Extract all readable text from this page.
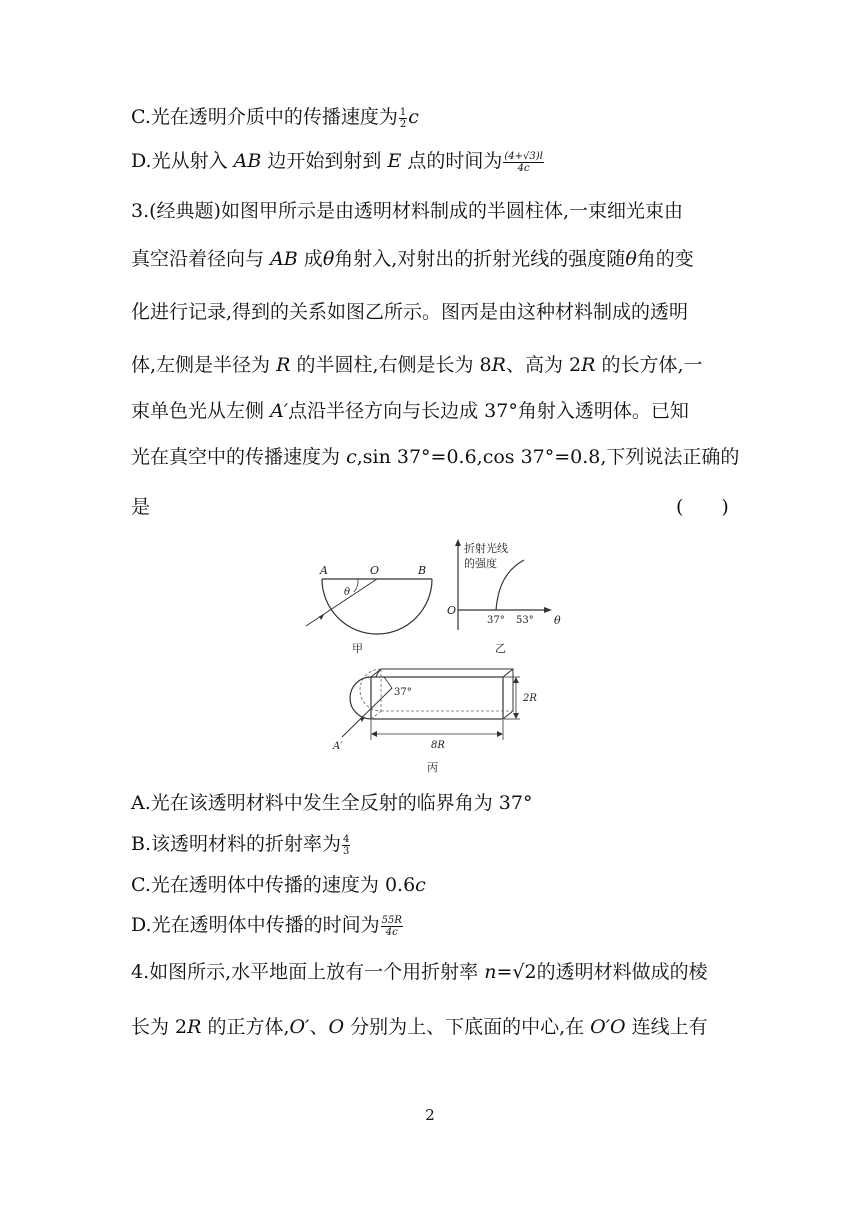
C.光在透明介质中的传播速度为 $\frac{1}{2}$ c
D.光从射入 AB 边开始到射到 E 点的时间为 $\frac{(4+√3)l}{4c}$
3.(经典题)如图甲所示是由透明材料制成的半圆柱体,一束细光束由
真空沿着径向与 AB 成θ角射入,对射出的折射光线的强度随θ角的变
化进行记录,得到的关系如图乙所示。图丙是由这种材料制成的透明
体,左侧是半径为 R 的半圆柱,右侧是长为 8R、高为 2R 的长方体,一
束单色光从左侧 A′点沿半径方向与长边成 37°角射入透明体。已知
光在真空中的传播速度为 c,sin 37°=0.6,cos 37°=0.8,下列说法正确的
是	(　　)
A	O	B
θ
甲
折射光线
的强度
O
37° 53° θ
乙
37°
2R
8R
A′
丙
A.光在该透明材料中发生全反射的临界角为 37°
B.该透明材料的折射率为 $\frac{4}{3}$
C.光在透明体中传播的速度为 0.6c
D.光在透明体中传播的时间为 $\frac{55R}{4c}$
4.如图所示,水平地面上放有一个用折射率 n=√2的透明材料做成的棱
长为 2R 的正方体,O′、O 分别为上、下底面的中心,在 O′O 连线上有
2
